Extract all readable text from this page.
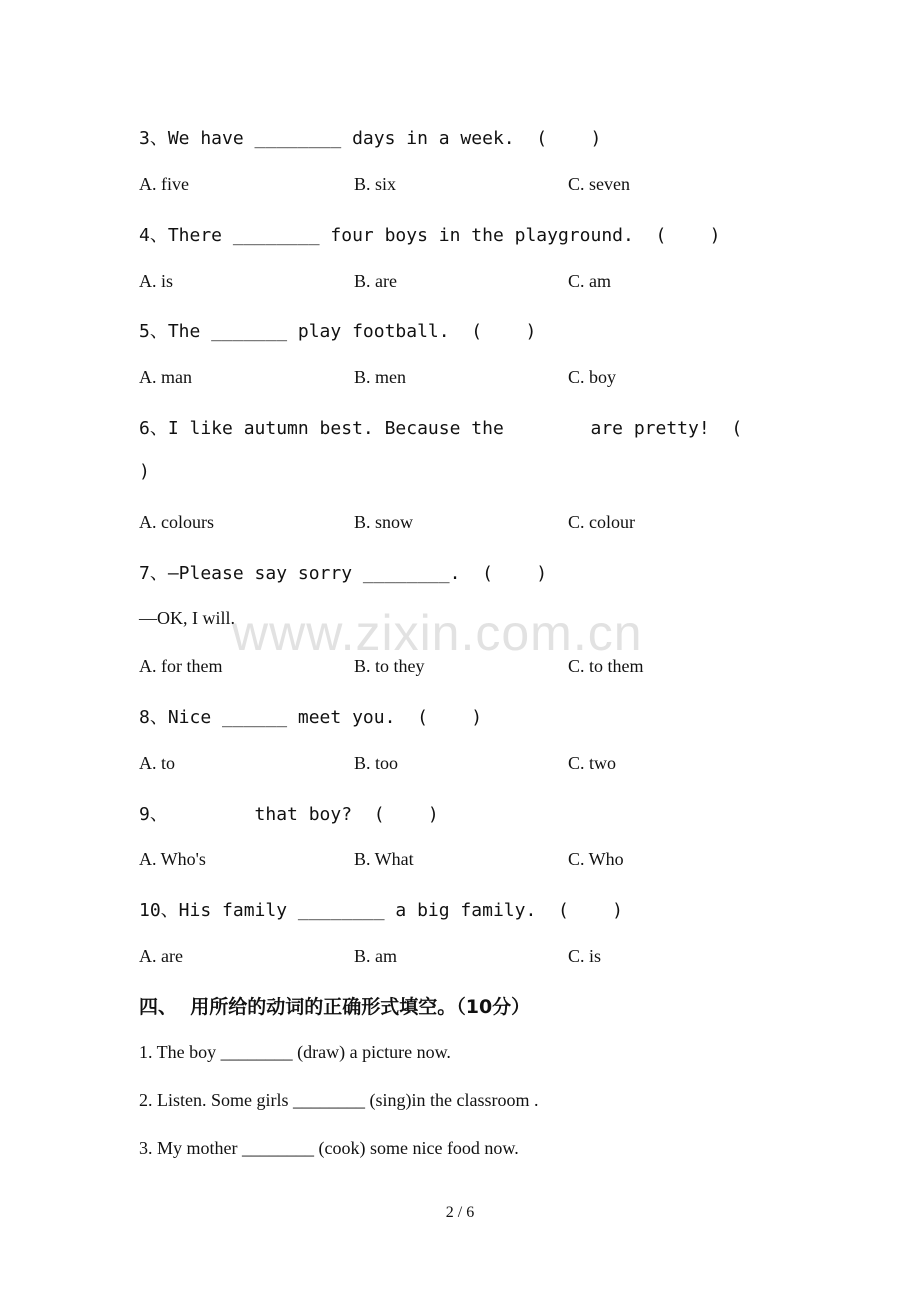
www.zixin.com.cn
3、We have ________ days in a week.  (    )
A. five	B. six	C. seven
4、There ________ four boys in the playground.  (    )
A. is	B. are	C. am
5、The _______ play football.  (    )
A. man	B. men	C. boy
6、I like autumn best. Because the        are pretty!  (
)
A. colours	B. snow	C. colour
7、—Please say sorry ________.  (    )
—OK, I will.
A. for them	B. to they	C. to them
8、Nice ______ meet you.  (    )
A. to	B. too	C. two
9、        that boy?  (    )
A. Who's	B. What	C. Who
10、His family ________ a big family.  (    )
A. are	B. am	C. is
四、  用所给的动词的正确形式填空。（10分）
1. The boy ________ (draw) a picture now.
2. Listen. Some girls ________ (sing)in the classroom .
3. My mother ________ (cook) some nice food now.
2 / 6
